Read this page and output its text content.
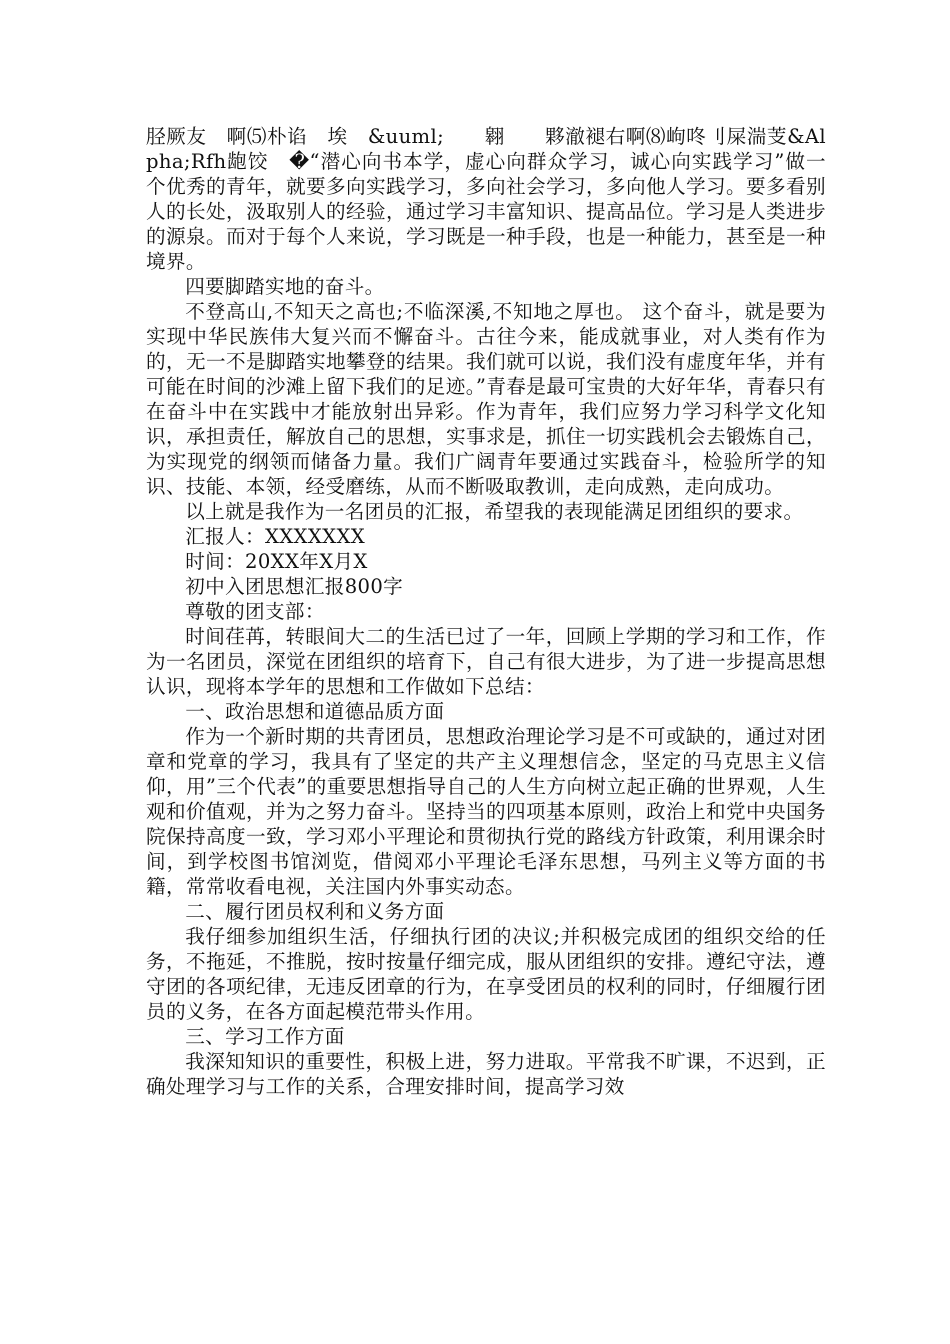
胫厥友　啊⑸朴谄　埃　&uuml;　　翱　　夥澈褪右啊⑻岣咚刂屎湍芰&Alpha;Rfh龅饺　�“潜心向书本学，虚心向群众学习，诚心向实践学习”做一个优秀的青年，就要多向实践学习，多向社会学习，多向他人学习。要多看别人的长处，汲取别人的经验，通过学习丰富知识、提高品位。学习是人类进步的源泉。而对于每个人来说，学习既是一种手段，也是一种能力，甚至是一种境界。

四要脚踏实地的奋斗。

不登高山,不知天之高也;不临深溪,不知地之厚也。 这个奋斗，就是要为实现中华民族伟大复兴而不懈奋斗。古往今来，能成就事业，对人类有作为的，无一不是脚踏实地攀登的结果。我们就可以说，我们没有虚度年华，并有可能在时间的沙滩上留下我们的足迹。”青春是最可宝贵的大好年华，青春只有在奋斗中在实践中才能放射出异彩。作为青年，我们应努力学习科学文化知识，承担责任，解放自己的思想，实事求是，抓住一切实践机会去锻炼自己，为实现党的纲领而储备力量。我们广阔青年要通过实践奋斗，检验所学的知识、技能、本领，经受磨练，从而不断吸取教训，走向成熟，走向成功。

以上就是我作为一名团员的汇报，希望我的表现能满足团组织的要求。

汇报人：XXXXXXX

时间：20XX年X月X

初中入团思想汇报800字

尊敬的团支部：

时间荏苒，转眼间大二的生活已过了一年，回顾上学期的学习和工作，作为一名团员，深觉在团组织的培育下，自己有很大进步，为了进一步提高思想认识，现将本学年的思想和工作做如下总结：

一、政治思想和道德品质方面

作为一个新时期的共青团员，思想政治理论学习是不可或缺的，通过对团章和党章的学习，我具有了坚定的共产主义理想信念，坚定的马克思主义信仰，用”三个代表”的重要思想指导自己的人生方向树立起正确的世界观，人生观和价值观，并为之努力奋斗。坚持当的四项基本原则，政治上和党中央国务院保持高度一致，学习邓小平理论和贯彻执行党的路线方针政策，利用课余时间，到学校图书馆浏览，借阅邓小平理论毛泽东思想，马列主义等方面的书籍，常常收看电视，关注国内外事实动态。

二、履行团员权利和义务方面

我仔细参加组织生活，仔细执行团的决议;并积极完成团的组织交给的任务，不拖延，不推脱，按时按量仔细完成，服从团组织的安排。遵纪守法，遵守团的各项纪律，无违反团章的行为，在享受团员的权利的同时，仔细履行团员的义务，在各方面起模范带头作用。

三、学习工作方面

我深知知识的重要性，积极上进，努力进取。平常我不旷课，不迟到，正确处理学习与工作的关系，合理安排时间，提高学习效
